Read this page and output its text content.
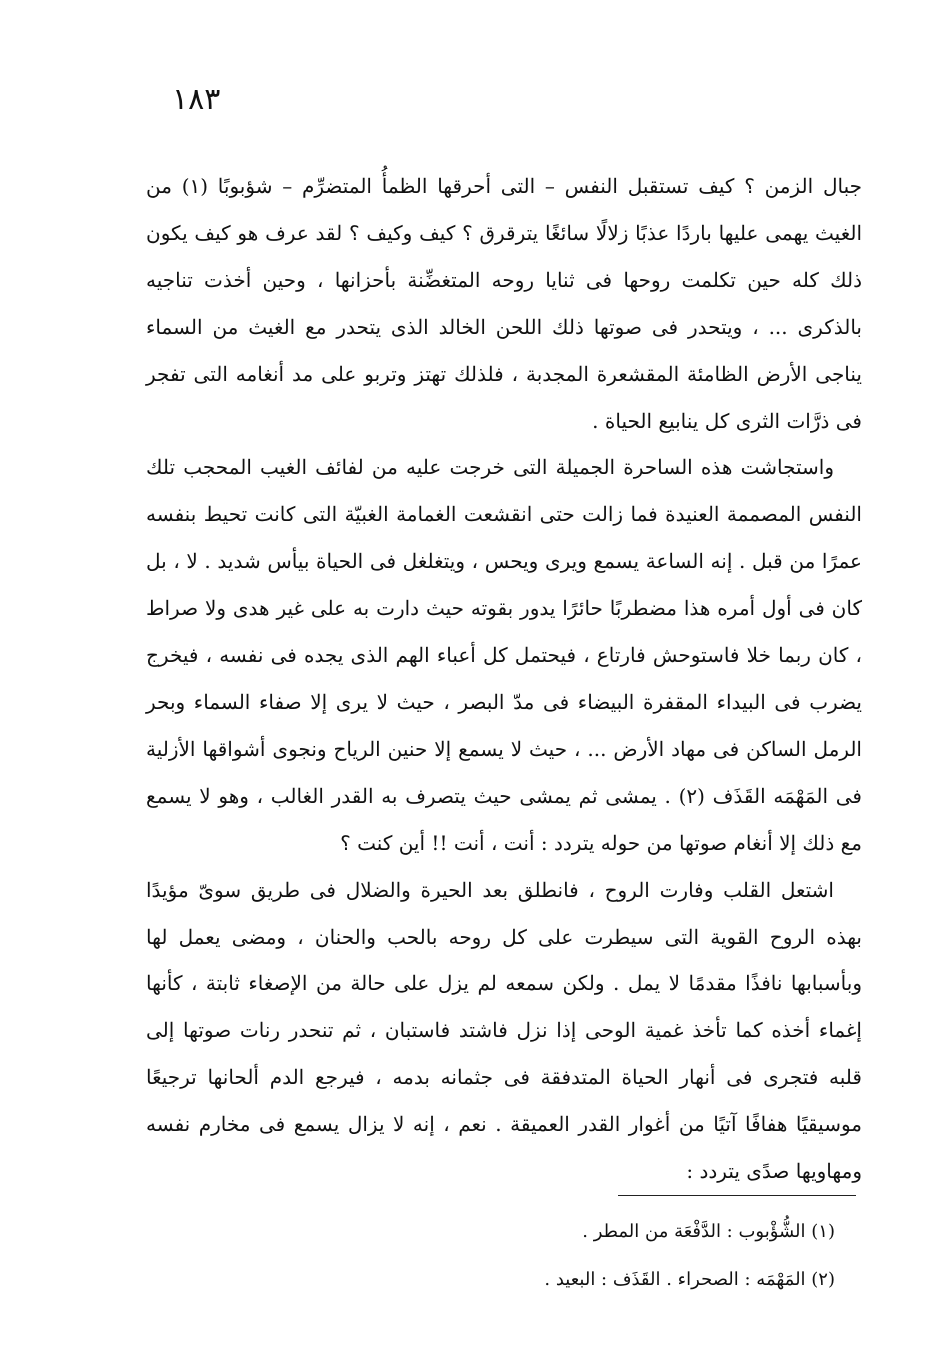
١٨٣

جبال الزمن ؟ كيف تستقبل النفس – التى أحرقها الظمأُ المتضرِّم – شؤبوبًا (١) من الغيث يهمى عليها باردًا عذبًا زلالًا سائغًا يترقرق ؟ كيف وكيف ؟ لقد عرف هو كيف يكون ذلك كله حين تكلمت روحها فى ثنايا روحه المتغضِّنة بأحزانها ، وحين أخذت تناجيه بالذكرى ... ، ويتحدر فى صوتها ذلك اللحن الخالد الذى يتحدر مع الغيث من السماء يناجى الأرض الظامئة المقشعرة المجدبة ، فلذلك تهتز وتربو على مد أنغامه التى تفجر فى ذرَّات الثرى كل ينابيع الحياة .

واستجاشت هذه الساحرة الجميلة التى خرجت عليه من لفائف الغيب المحجب تلك النفس المصممة العنيدة فما زالت حتى انقشعت الغمامة الغبيّة التى كانت تحيط بنفسه عمرًا من قبل . إنه الساعة يسمع ويرى ويحس ، ويتغلغل فى الحياة بيأس شديد . لا ، بل كان فى أول أمره هذا مضطربًا حائرًا يدور بقوته حيث دارت به على غير هدى ولا صراط ، كان ربما خلا فاستوحش فارتاع ، فيحتمل كل أعباء الهم الذى يجده فى نفسه ، فيخرج يضرب فى البيداء المقفرة البيضاء فى مدّ البصر ، حيث لا يرى إلا صفاء السماء وبحر الرمل الساكن فى مهاد الأرض ... ، حيث لا يسمع إلا حنين الرياح ونجوى أشواقها الأزلية فى المَهْمَه القَذَف (٢) . يمشى ثم يمشى حيث يتصرف به القدر الغالب ، وهو لا يسمع مع ذلك إلا أنغام صوتها من حوله يتردد : أنت ، أنت !! أين كنت ؟

اشتعل القلب وفارت الروح ، فانطلق بعد الحيرة والضلال فى طريق سوىّ مؤيدًا بهذه الروح القوية التى سيطرت على كل روحه بالحب والحنان ، ومضى يعمل لها وبأسبابها نافذًا مقدمًا لا يمل . ولكن سمعه لم يزل على حالة من الإصغاء ثابتة ، كأنها إغماء أخذه كما تأخذ غمية الوحى إذا نزل فاشتد فاستبان ، ثم تنحدر رنات صوتها إلى قلبه فتجرى فى أنهار الحياة المتدفقة فى جثمانه بدمه ، فيرجع الدم ألحانها ترجيعًا موسيقيًا هفافًا آتيًا من أغوار القدر العميقة . نعم ، إنه لا يزال يسمع فى مخارم نفسه ومهاويها صدًى يتردد :

(١) الشُّؤْبوب : الدَّفْعَة من المطر .

(٢) المَهْمَه : الصحراء . القَذَف : البعيد .
